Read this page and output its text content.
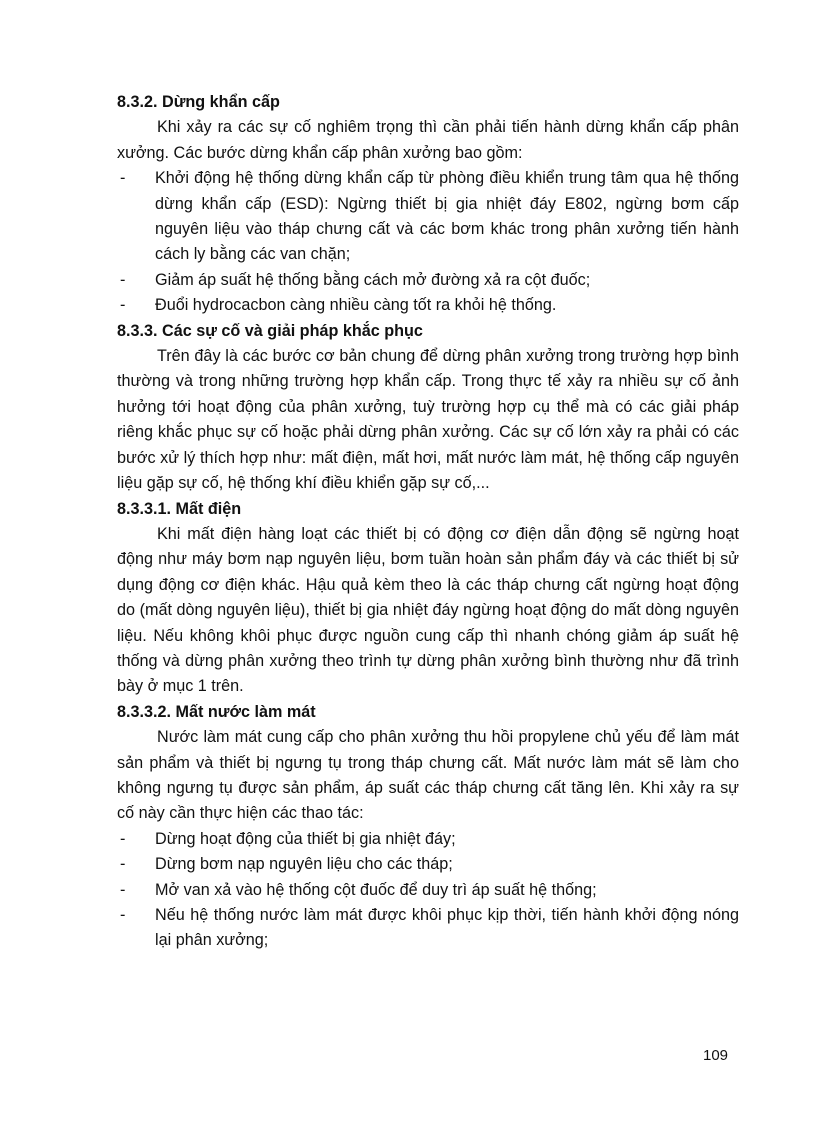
8.3.2. Dừng khẩn cấp

Khi xảy ra các sự cố nghiêm trọng thì cần phải tiến hành dừng khẩn cấp phân xưởng. Các bước dừng khẩn cấp phân xưởng bao gồm:

- Khởi động hệ thống dừng khẩn cấp từ phòng điều khiển trung tâm qua hệ thống dừng khẩn cấp (ESD): Ngừng thiết bị gia nhiệt đáy E802, ngừng bơm cấp nguyên liệu vào tháp chưng cất và các bơm khác trong phân xưởng tiến hành cách ly bằng các van chặn;
- Giảm áp suất hệ thống bằng cách mở đường xả ra cột đuốc;
- Đuổi hydrocacbon càng nhiều càng tốt ra khỏi hệ thống.

8.3.3. Các sự cố và giải pháp khắc phục

Trên đây là các bước cơ bản chung để dừng phân xưởng trong trường hợp bình thường và trong những trường hợp khẩn cấp. Trong thực tế xảy ra nhiều sự cố ảnh hưởng tới hoạt động của phân xưởng, tuỳ trường hợp cụ thể mà có các giải pháp riêng khắc phục sự cố hoặc phải dừng phân xưởng. Các sự cố lớn xảy ra phải có các bước xử lý thích hợp như: mất điện, mất hơi, mất nước làm mát, hệ thống cấp nguyên liệu gặp sự cố, hệ thống khí điều khiển gặp sự cố,...

8.3.3.1. Mất điện

Khi mất điện hàng loạt các thiết bị có động cơ điện dẫn động sẽ ngừng hoạt động như máy bơm nạp nguyên liệu, bơm tuần hoàn sản phẩm đáy và các thiết bị sử dụng động cơ điện khác. Hậu quả kèm theo là các tháp chưng cất ngừng hoạt động do (mất dòng nguyên liệu), thiết bị gia nhiệt đáy ngừng hoạt động do mất dòng nguyên liệu. Nếu không khôi phục được nguồn cung cấp thì nhanh chóng giảm áp suất hệ thống và dừng phân xưởng theo trình tự dừng phân xưởng bình thường như đã trình bày ở mục 1 trên.

8.3.3.2. Mất nước làm mát

Nước làm mát cung cấp cho phân xưởng thu hồi propylene chủ yếu để làm mát sản phẩm và thiết bị ngưng tụ trong tháp chưng cất. Mất nước làm mát sẽ làm cho không ngưng tụ được sản phẩm, áp suất các tháp chưng cất tăng lên. Khi xảy ra sự cố này cần thực hiện các thao tác:

- Dừng hoạt động của thiết bị gia nhiệt đáy;
- Dừng bơm nạp nguyên liệu cho các tháp;
- Mở van xả vào hệ thống cột đuốc để duy trì áp suất hệ thống;
- Nếu hệ thống nước làm mát được khôi phục kịp thời, tiến hành khởi động nóng lại phân xưởng;
109
